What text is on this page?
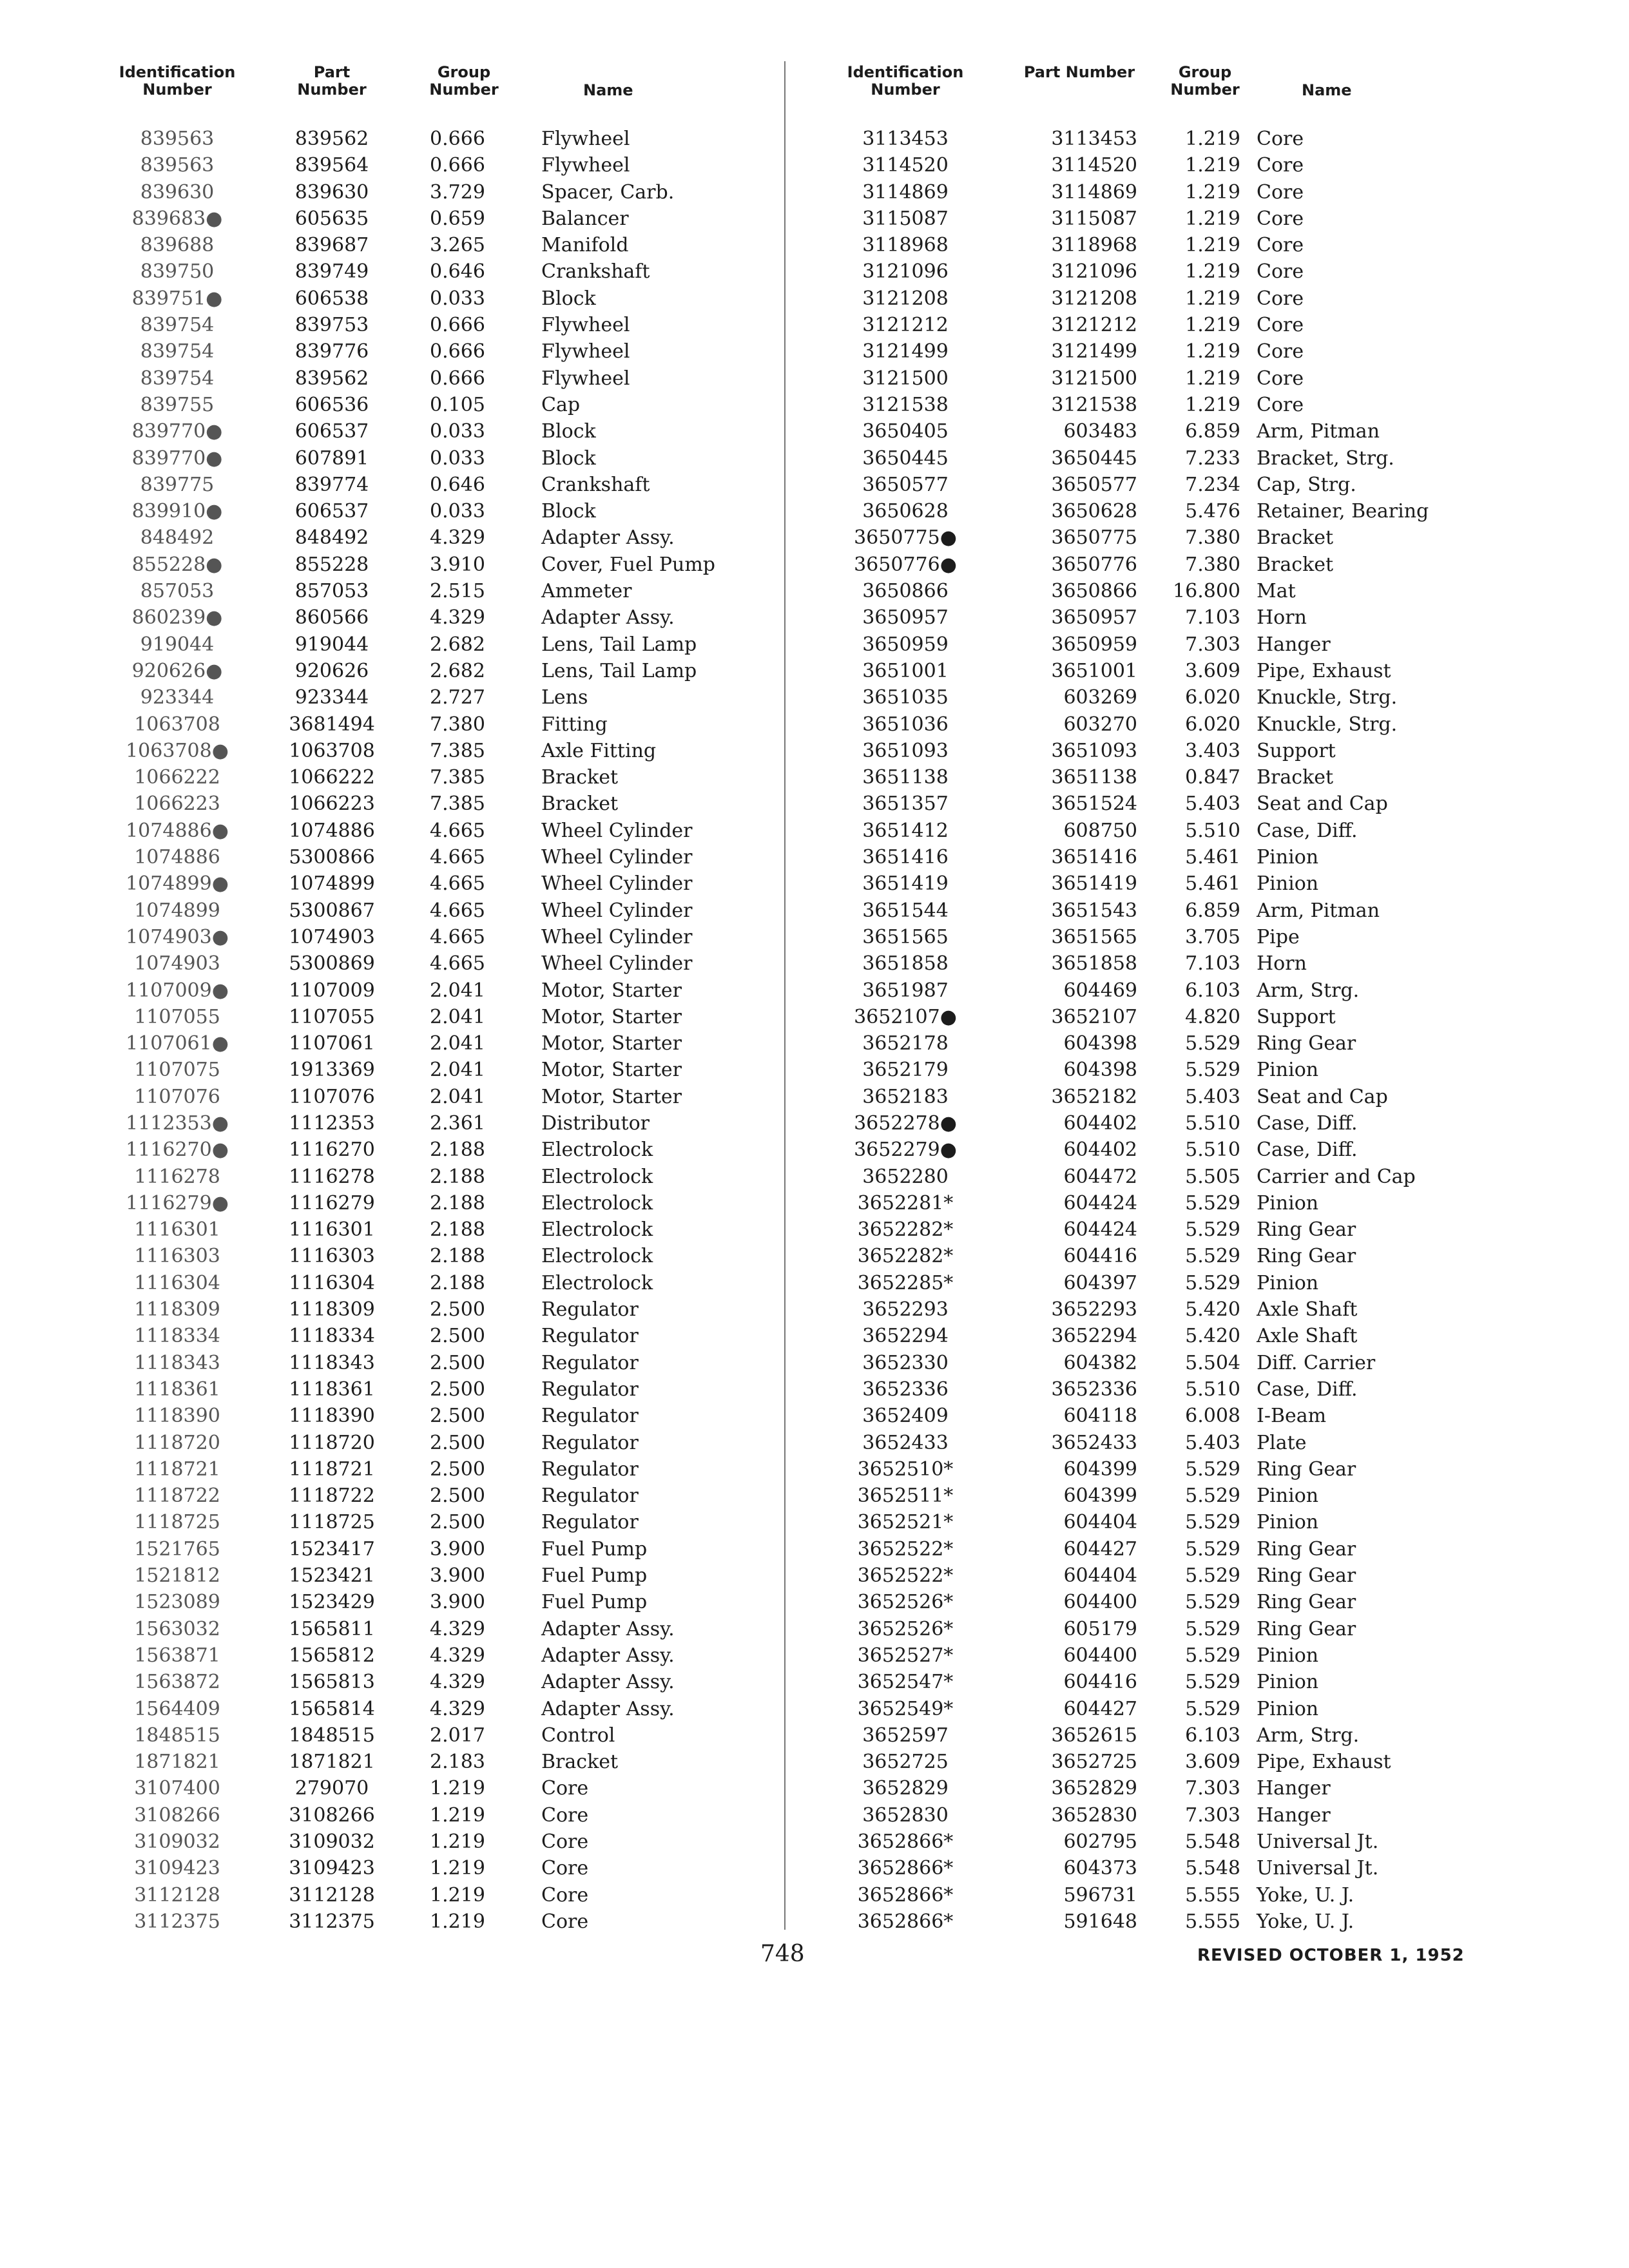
Identification Number
Part Number
Group Number	Name
839563	839562	0.666	Flywheel
839563	839564	0.666	Flywheel
839630	839630	3.729	Spacer, Carb.
839683●	605635	0.659	Balancer
839688	839687	3.265	Manifold
839750	839749	0.646	Crankshaft
839751●	606538	0.033	Block
839754	839753	0.666	Flywheel
839754	839776	0.666	Flywheel
839754	839562	0.666	Flywheel
839755	606536	0.105	Cap
839770●	606537	0.033	Block
839770●	607891	0.033	Block
839775	839774	0.646	Crankshaft
839910●	606537	0.033	Block
848492	848492	4.329	Adapter Assy.
855228●	855228	3.910	Cover, Fuel Pump
857053	857053	2.515	Ammeter
860239●	860566	4.329	Adapter Assy.
919044	919044	2.682	Lens, Tail Lamp
920626●	920626	2.682	Lens, Tail Lamp
923344	923344	2.727	Lens
1063708	3681494	7.380	Fitting
1063708●	1063708	7.385	Axle Fitting
1066222	1066222	7.385	Bracket
1066223	1066223	7.385	Bracket
1074886●	1074886	4.665	Wheel Cylinder
1074886	5300866	4.665	Wheel Cylinder
1074899●	1074899	4.665	Wheel Cylinder
1074899	5300867	4.665	Wheel Cylinder
1074903●	1074903	4.665	Wheel Cylinder
1074903	5300869	4.665	Wheel Cylinder
1107009●	1107009	2.041	Motor, Starter
1107055	1107055	2.041	Motor, Starter
1107061●	1107061	2.041	Motor, Starter
1107075	1913369	2.041	Motor, Starter
1107076	1107076	2.041	Motor, Starter
1112353●	1112353	2.361	Distributor
1116270●	1116270	2.188	Electrolock
1116278	1116278	2.188	Electrolock
1116279●	1116279	2.188	Electrolock
1116301	1116301	2.188	Electrolock
1116303	1116303	2.188	Electrolock
1116304	1116304	2.188	Electrolock
1118309	1118309	2.500	Regulator
1118334	1118334	2.500	Regulator
1118343	1118343	2.500	Regulator
1118361	1118361	2.500	Regulator
1118390	1118390	2.500	Regulator
1118720	1118720	2.500	Regulator
1118721	1118721	2.500	Regulator
1118722	1118722	2.500	Regulator
1118725	1118725	2.500	Regulator
1521765	1523417	3.900	Fuel Pump
1521812	1523421	3.900	Fuel Pump
1523089	1523429	3.900	Fuel Pump
1563032	1565811	4.329	Adapter Assy.
1563871	1565812	4.329	Adapter Assy.
1563872	1565813	4.329	Adapter Assy.
1564409	1565814	4.329	Adapter Assy.
1848515	1848515	2.017	Control
1871821	1871821	2.183	Bracket
3107400	279070	1.219	Core
3108266	3108266	1.219	Core
3109032	3109032	1.219	Core
3109423	3109423	1.219	Core
3112128	3112128	1.219	Core
3112375	3112375	1.219	Core
Identification Number
Part Number	Group Number	Name
3113453	3113453	1.219 Core
3114520	3114520	1.219 Core
3114869	3114869	1.219 Core
3115087	3115087	1.219 Core
3118968	3118968	1.219 Core
3121096	3121096	1.219 Core
3121208	3121208	1.219 Core
3121212	3121212	1.219 Core
3121499	3121499	1.219 Core
3121500	3121500	1.219 Core
3121538	3121538	1.219 Core
3650405	603483	6.859 Arm, Pitman
3650445	3650445	7.233 Bracket, Strg.
3650577	3650577	7.234 Cap, Strg.
3650628	3650628	5.476 Retainer, Bearing
3650775●	3650775	7.380 Bracket
3650776●	3650776	7.380 Bracket
3650866	3650866	16.800 Mat
3650957	3650957	7.103 Horn
3650959	3650959	7.303 Hanger
3651001	3651001	3.609 Pipe, Exhaust
3651035	603269	6.020 Knuckle, Strg.
3651036	603270	6.020 Knuckle, Strg.
3651093	3651093	3.403 Support
3651138	3651138	0.847 Bracket
3651357	3651524	5.403 Seat and Cap
3651412	608750	5.510 Case, Diff.
3651416	3651416	5.461 Pinion
3651419	3651419	5.461 Pinion
3651544	3651543	6.859 Arm, Pitman
3651565	3651565	3.705 Pipe
3651858	3651858	7.103 Horn
3651987	604469	6.103 Arm, Strg.
3652107●	3652107	4.820 Support
3652178	604398	5.529 Ring Gear
3652179	604398	5.529 Pinion
3652183	3652182	5.403 Seat and Cap
3652278●	604402	5.510 Case, Diff.
3652279●	604402	5.510 Case, Diff.
3652280	604472	5.505 Carrier and Cap
3652281*	604424	5.529 Pinion
3652282*	604424	5.529 Ring Gear
3652282*	604416	5.529 Ring Gear
3652285*	604397	5.529 Pinion
3652293	3652293	5.420 Axle Shaft
3652294	3652294	5.420 Axle Shaft
3652330	604382	5.504 Diff. Carrier
3652336	3652336	5.510 Case, Diff.
3652409	604118	6.008 I-Beam
3652433	3652433	5.403 Plate
3652510*	604399	5.529 Ring Gear
3652511*	604399	5.529 Pinion
3652521*	604404	5.529 Pinion
3652522*	604427	5.529 Ring Gear
3652522*	604404	5.529 Ring Gear
3652526*	604400	5.529 Ring Gear
3652526*	605179	5.529 Ring Gear
3652527*	604400	5.529 Pinion
3652547*	604416	5.529 Pinion
3652549*	604427	5.529 Pinion
3652597	3652615	6.103 Arm, Strg.
3652725	3652725	3.609 Pipe, Exhaust
3652829	3652829	7.303 Hanger
3652830	3652830	7.303 Hanger
3652866*	602795	5.548 Universal Jt.
3652866*	604373	5.548 Universal Jt.
3652866*	596731	5.555 Yoke, U. J.
3652866*	591648	5.555 Yoke, U. J.
748	REVISED OCTOBER 1, 1952
